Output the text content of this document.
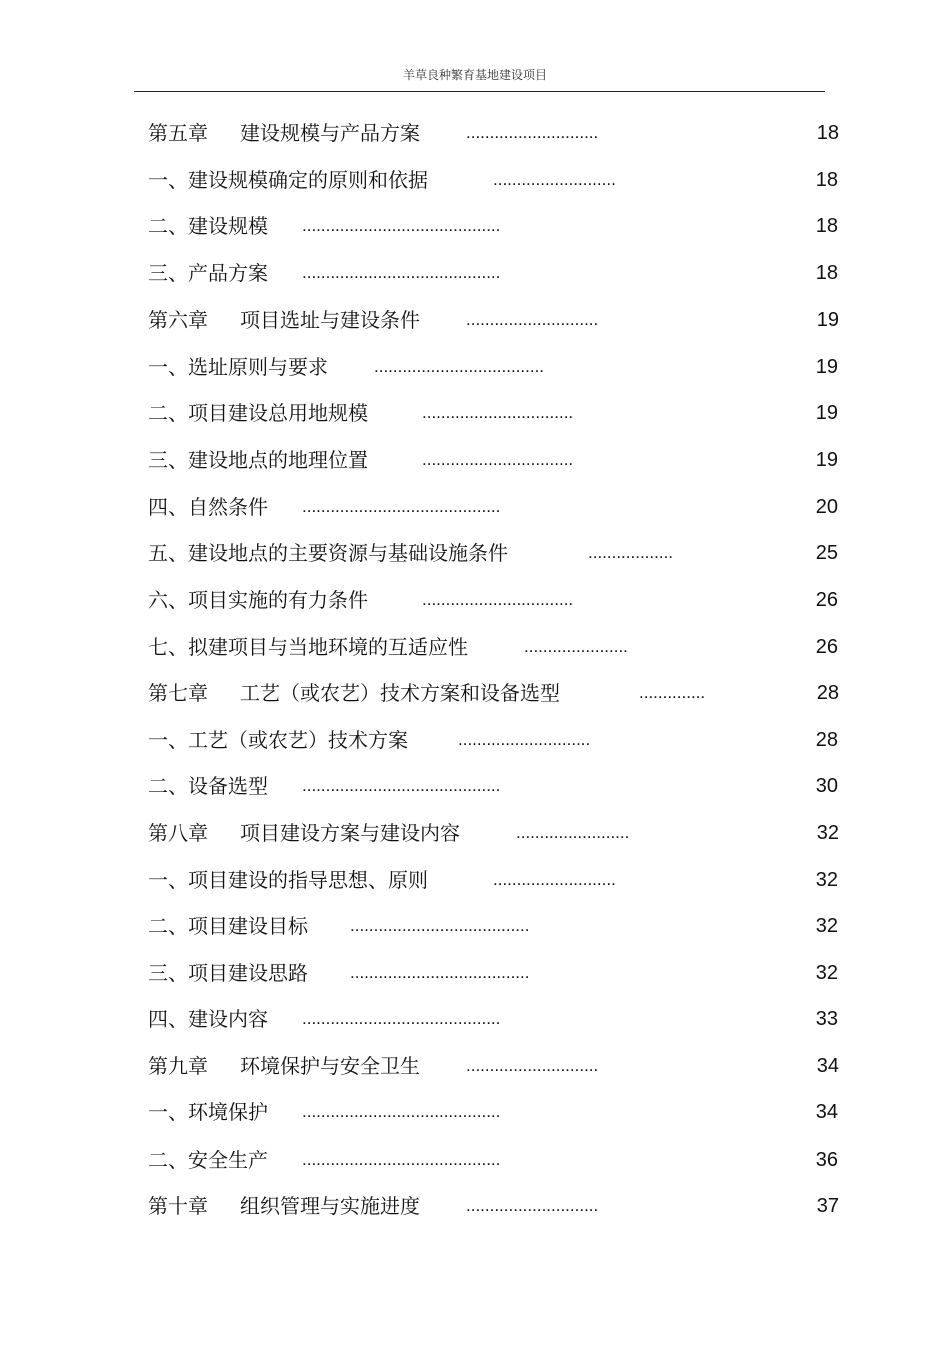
羊草良种繁育基地建设项目
第五章 建设规模与产品方案	............................	18
一、建设规模确定的原则和依据	..........................	18
二、建设规模 ..........................................	18
三、产品方案 ..........................................	18
第六章 项目选址与建设条件	............................	19
一、选址原则与要求	....................................	19
二、项目建设总用地规模	................................	19
三、建设地点的地理位置	................................	19
四、自然条件 ..........................................	20
五、建设地点的主要资源与基础设施条件	..................	25
六、项目实施的有力条件	................................	26
七、拟建项目与当地环境的互适应性	......................	26
第七章 工艺（或农艺）技术方案和设备选型	..............	28
一、工艺（或农艺）技术方案	............................	28
二、设备选型 ..........................................	30
第八章 项目建设方案与建设内容	........................	32
一、项目建设的指导思想、原则	..........................	32
二、项目建设目标 ......................................	32
三、项目建设思路 ......................................	32
四、建设内容 ..........................................	33
第九章 环境保护与安全卫生	............................	34
一、环境保护 ..........................................	34
二、安全生产 ..........................................	36
第十章 组织管理与实施进度	............................	37
